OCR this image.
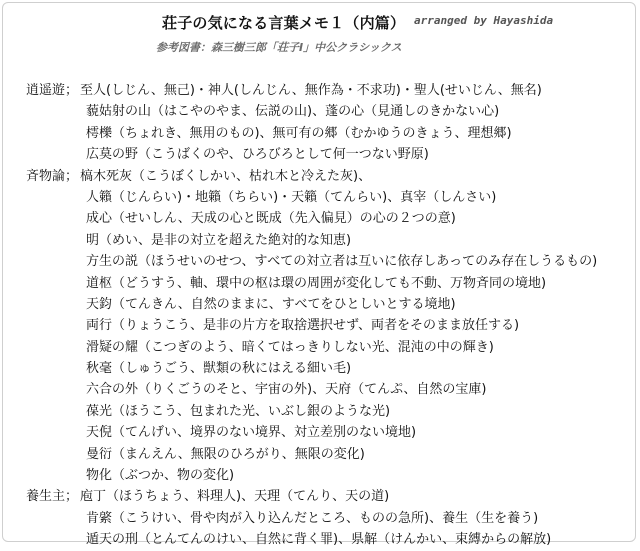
荘子の気になる言葉メモ１（内篇） arranged by Hayashida
参考図書：森三樹三郎「荘子Ⅰ」中公クラシックス
逍遥遊； 至人(しじん、無己)・神人(しんじん、無作為・不求功)・聖人(せいじん、無名)
藐姑射の山（はこやのやま、伝説の山)、蓬の心（見通しのきかない心)
樗櫟（ちょれき、無用のもの)、無可有の郷（むかゆうのきょう、理想郷)
広莫の野（こうばくのや、ひろびろとして何一つない野原)
斉物論； 槁木死灰（こうぼくしかい、枯れ木と冷えた灰)、
人籟（じんらい)・地籟（ちらい)・天籟（てんらい)、真宰（しんさい)
成心（せいしん、天成の心と既成（先入偏見）の心の２つの意)
明（めい、是非の対立を超えた絶対的な知恵)
方生の説（ほうせいのせつ、すべての対立者は互いに依存しあってのみ存在しうるもの)
道枢（どうすう、軸、環中の枢は環の周囲が変化しても不動、万物斉同の境地)
天鈞（てんきん、自然のままに、すべてをひとしいとする境地)
両行（りょうこう、是非の片方を取捨選択せず、両者をそのまま放任する)
滑疑の耀（こつぎのよう、暗くてはっきりしない光、混沌の中の輝き)
秋毫（しゅうごう、獣類の秋にはえる細い毛)
六合の外（りくごうのそと、宇宙の外)、天府（てんぷ、自然の宝庫)
葆光（ほうこう、包まれた光、いぶし銀のような光)
天倪（てんげい、境界のない境界、対立差別のない境地)
曼衍（まんえん、無限のひろがり、無限の変化)
物化（ぶつか、物の変化)
養生主； 庖丁（ほうちょう、料理人)、天理（てんり、天の道)
肯綮（こうけい、骨や肉が入り込んだところ、ものの急所)、養生（生を養う)
遁天の刑（とんてんのけい、自然に背く罪)、県解（けんかい、束縛からの解放)
